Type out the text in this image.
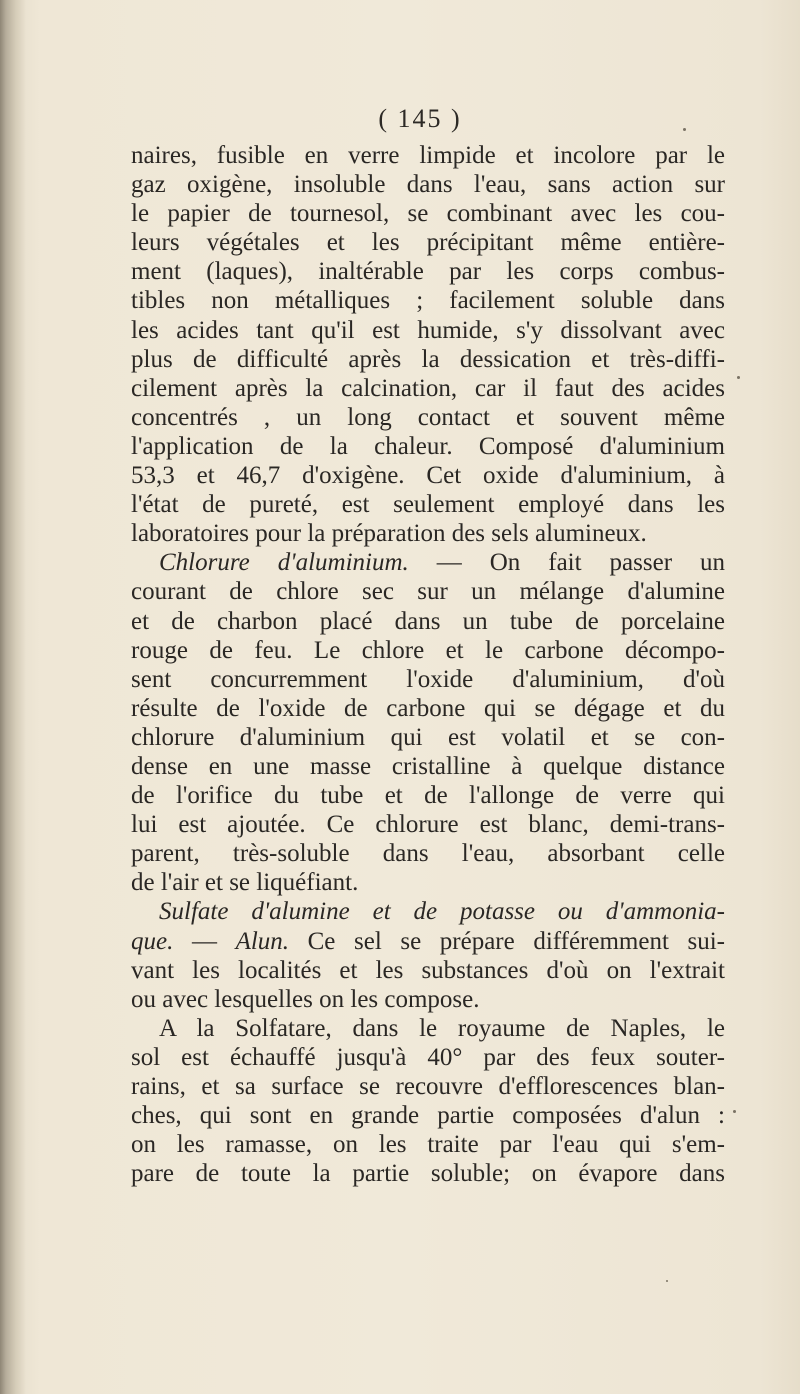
( 145 )
naires, fusible en verre limpide et incolore par le
gaz oxigène, insoluble dans l'eau, sans action sur
le papier de tournesol, se combinant avec les cou-
leurs végétales et les précipitant même entière-
ment (laques), inaltérable par les corps combus-
tibles non métalliques ; facilement soluble dans
les acides tant qu'il est humide, s'y dissolvant avec
plus de difficulté après la dessication et très-diffi-
cilement après la calcination, car il faut des acides
concentrés , un long contact et souvent même
l'application de la chaleur. Composé d'aluminium
53,3 et 46,7 d'oxigène. Cet oxide d'aluminium, à
l'état de pureté, est seulement employé dans les
laboratoires pour la préparation des sels alumineux.
Chlorure d'aluminium. — On fait passer un
courant de chlore sec sur un mélange d'alumine
et de charbon placé dans un tube de porcelaine
rouge de feu. Le chlore et le carbone décompo-
sent concurremment l'oxide d'aluminium, d'où
résulte de l'oxide de carbone qui se dégage et du
chlorure d'aluminium qui est volatil et se con-
dense en une masse cristalline à quelque distance
de l'orifice du tube et de l'allonge de verre qui
lui est ajoutée. Ce chlorure est blanc, demi-trans-
parent, très-soluble dans l'eau, absorbant celle
de l'air et se liquéfiant.
Sulfate d'alumine et de potasse ou d'ammonia-
que. — Alun. Ce sel se prépare différemment sui-
vant les localités et les substances d'où on l'extrait
ou avec lesquelles on les compose.
A la Solfatare, dans le royaume de Naples, le
sol est échauffé jusqu'à 40° par des feux souter-
rains, et sa surface se recouvre d'efflorescences blan-
ches, qui sont en grande partie composées d'alun :
on les ramasse, on les traite par l'eau qui s'em-
pare de toute la partie soluble; on évapore dans
